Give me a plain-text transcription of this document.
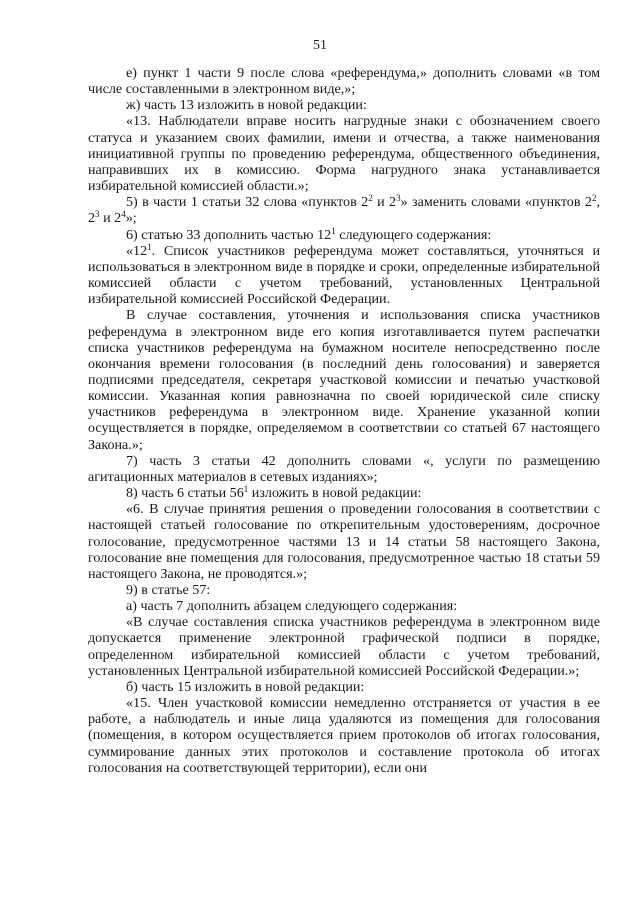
51

е) пункт 1 части 9 после слова «референдума,» дополнить словами «в том числе составленными в электронном виде,»;

ж) часть 13 изложить в новой редакции:

«13. Наблюдатели вправе носить нагрудные знаки с обозначением своего статуса и указанием своих фамилии, имени и отчества, а также наименования инициативной группы по проведению референдума, общественного объединения, направивших их в комиссию. Форма нагрудного знака устанавливается избирательной комиссией области.»;

5) в части 1 статьи 32 слова «пунктов $2^2$ и $2^3$» заменить словами «пунктов $2^2$, $2^3$ и $2^4$»;

6) статью 33 дополнить частью $12^1$ следующего содержания:

«$12^1$. Список участников референдума может составляться, уточняться и использоваться в электронном виде в порядке и сроки, определенные избирательной комиссией области с учетом требований, установленных Центральной избирательной комиссией Российской Федерации.

В случае составления, уточнения и использования списка участников референдума в электронном виде его копия изготавливается путем распечатки списка участников референдума на бумажном носителе непосредственно после окончания времени голосования (в последний день голосования) и заверяется подписями председателя, секретаря участковой комиссии и печатью участковой комиссии. Указанная копия равнозначна по своей юридической силе списку участников референдума в электронном виде. Хранение указанной копии осуществляется в порядке, определяемом в соответствии со статьей 67 настоящего Закона.»;

7) часть 3 статьи 42 дополнить словами «, услуги по размещению агитационных материалов в сетевых изданиях»;

8) часть 6 статьи $56^1$ изложить в новой редакции:

«6. В случае принятия решения о проведении голосования в соответствии с настоящей статьей голосование по открепительным удостоверениям, досрочное голосование, предусмотренное частями 13 и 14 статьи 58 настоящего Закона, голосование вне помещения для голосования, предусмотренное частью 18 статьи 59 настоящего Закона, не проводятся.»;

9) в статье 57:

а) часть 7 дополнить абзацем следующего содержания:

«В случае составления списка участников референдума в электронном виде допускается применение электронной графической подписи в порядке, определенном избирательной комиссией области с учетом требований, установленных Центральной избирательной комиссией Российской Федерации.»;

б) часть 15 изложить в новой редакции:

«15. Член участковой комиссии немедленно отстраняется от участия в ее работе, а наблюдатель и иные лица удаляются из помещения для голосования (помещения, в котором осуществляется прием протоколов об итогах голосования, суммирование данных этих протоколов и составление протокола об итогах голосования на соответствующей территории), если они
